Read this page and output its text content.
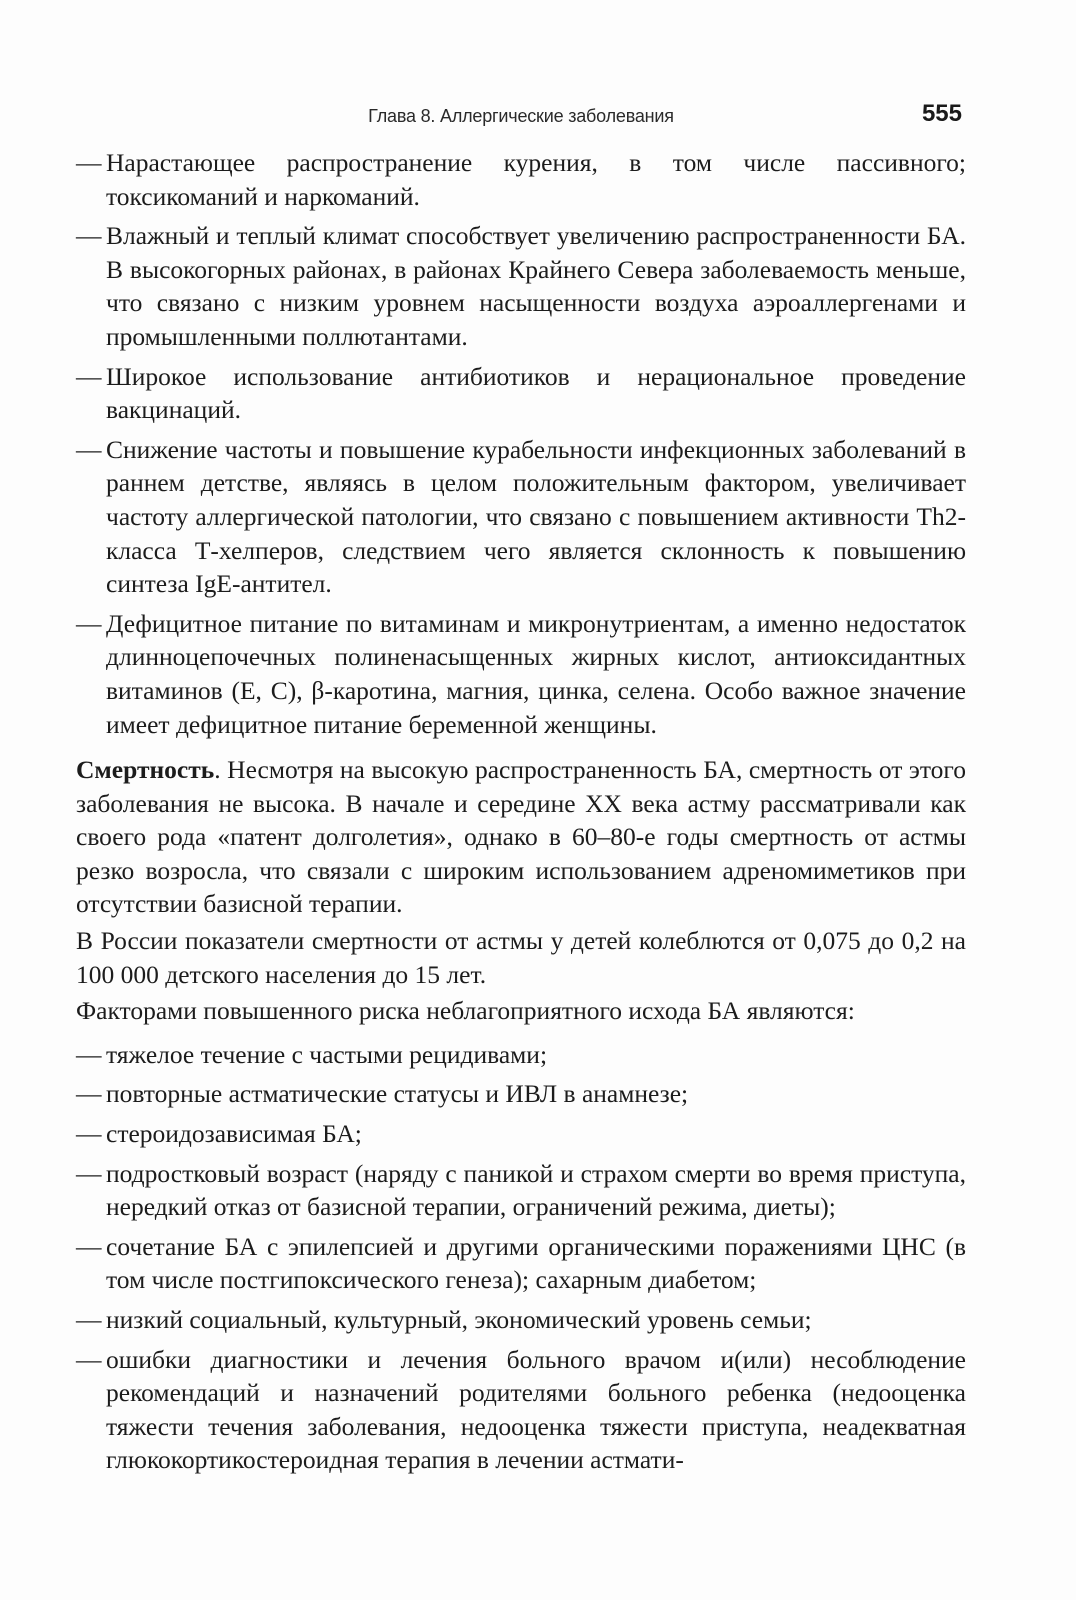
Глава 8. Аллергические заболевания	555
— Нарастающее распространение курения, в том числе пассивного; токсикоманий и наркоманий.
— Влажный и теплый климат способствует увеличению распространенности БА. В высокогорных районах, в районах Крайнего Севера заболеваемость меньше, что связано с низким уровнем насыщенности воздуха аэроаллергенами и промышленными поллютантами.
— Широкое использование антибиотиков и нерациональное проведение вакцинаций.
— Снижение частоты и повышение курабельности инфекционных заболеваний в раннем детстве, являясь в целом положительным фактором, увеличивает частоту аллергической патологии, что связано с повышением активности Th2-класса Т-хелперов, следствием чего является склонность к повышению синтеза IgE-антител.
— Дефицитное питание по витаминам и микронутриентам, а именно недостаток длинноцепочечных полиненасыщенных жирных кислот, антиоксидантных витаминов (Е, С), β-каротина, магния, цинка, селена. Особо важное значение имеет дефицитное питание беременной женщины.

Смертность. Несмотря на высокую распространенность БА, смертность от этого заболевания не высока. В начале и середине XX века астму рассматривали как своего рода «патент долголетия», однако в 60–80-е годы смертность от астмы резко возросла, что связали с широким использованием адреномиметиков при отсутствии базисной терапии.

В России показатели смертности от астмы у детей колеблются от 0,075 до 0,2 на 100 000 детского населения до 15 лет.

Факторами повышенного риска неблагоприятного исхода БА являются:

— тяжелое течение с частыми рецидивами;
— повторные астматические статусы и ИВЛ в анамнезе;
— стероидозависимая БА;
— подростковый возраст (наряду с паникой и страхом смерти во время приступа, нередкий отказ от базисной терапии, ограничений режима, диеты);
— сочетание БА с эпилепсией и другими органическими поражениями ЦНС (в том числе постгипоксического генеза); сахарным диабетом;
— низкий социальный, культурный, экономический уровень семьи;
— ошибки диагностики и лечения больного врачом и(или) несоблюдение рекомендаций и назначений родителями больного ребенка (недооценка тяжести течения заболевания, недооценка тяжести приступа, неадекватная глюкокортикостероидная терапия в лечении астмати-
